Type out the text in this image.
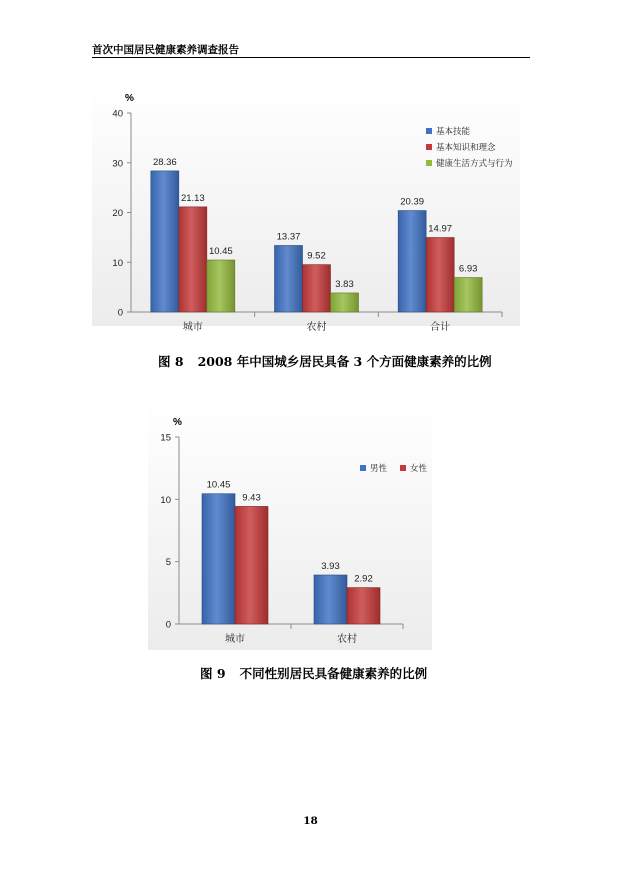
首次中国居民健康素养调查报告
%
0
10
20
30
40
28.36
21.13
10.45
城市
13.37
9.52
3.83
农村
20.39
14.97
6.93
合计
基本技能
基本知识和理念
健康生活方式与行为
图 8 2008 年中国城乡居民具备 3 个方面健康素养的比例
%
0
5
10
15
10.45
9.43
城市
3.93
2.92
农村
男性	女性
图 9 不同性别居民具备健康素养的比例
18
